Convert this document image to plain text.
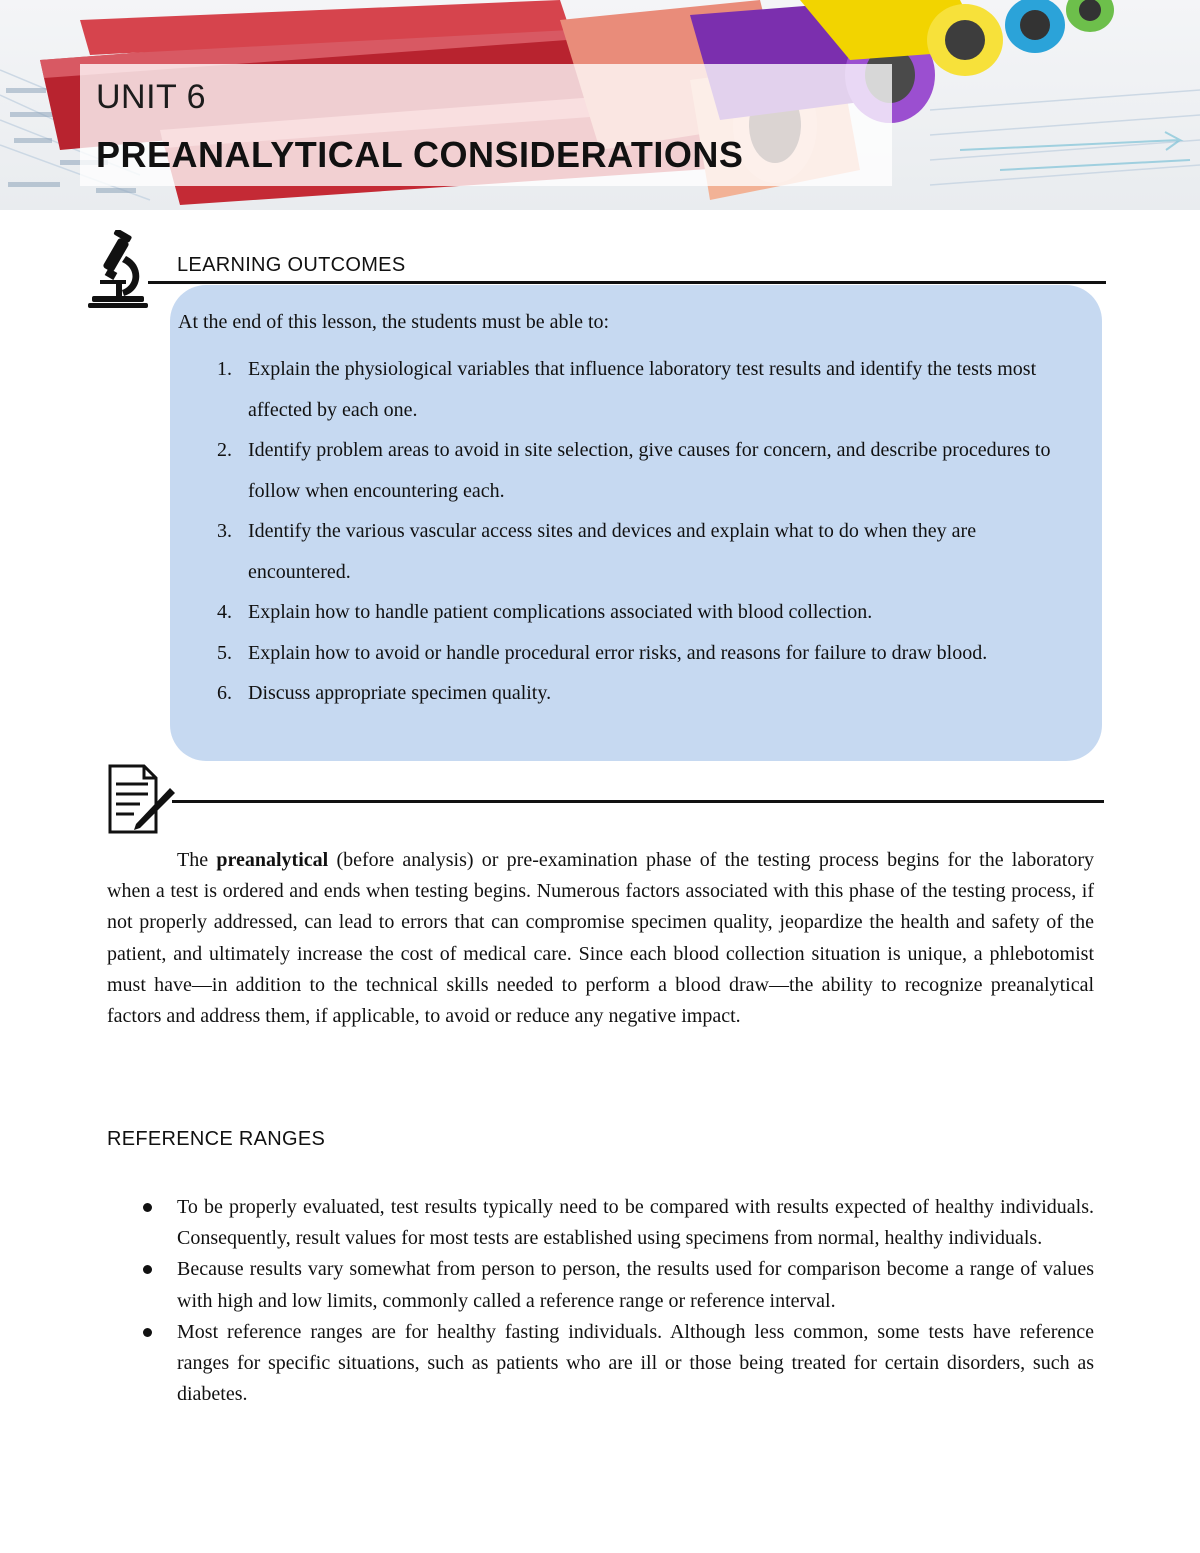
UNIT 6
PREANALYTICAL CONSIDERATIONS
LEARNING OUTCOMES

At the end of this lesson, the students must be able to:

1. Explain the physiological variables that influence laboratory test results and identify the tests most affected by each one.
2. Identify problem areas to avoid in site selection, give causes for concern, and describe procedures to follow when encountering each.
3. Identify the various vascular access sites and devices and explain what to do when they are encountered.
4. Explain how to handle patient complications associated with blood collection.
5. Explain how to avoid or handle procedural error risks, and reasons for failure to draw blood.
6. Discuss appropriate specimen quality.

The preanalytical (before analysis) or pre-examination phase of the testing process begins for the laboratory when a test is ordered and ends when testing begins. Numerous factors associated with this phase of the testing process, if not properly addressed, can lead to errors that can compromise specimen quality, jeopardize the health and safety of the patient, and ultimately increase the cost of medical care. Since each blood collection situation is unique, a phlebotomist must have—in addition to the technical skills needed to perform a blood draw—the ability to recognize preanalytical factors and address them, if applicable, to avoid or reduce any negative impact.

REFERENCE RANGES
To be properly evaluated, test results typically need to be compared with results expected of healthy individuals. Consequently, result values for most tests are established using specimens from normal, healthy individuals.
Because results vary somewhat from person to person, the results used for comparison become a range of values with high and low limits, commonly called a reference range or reference interval.
Most reference ranges are for healthy fasting individuals. Although less common, some tests have reference ranges for specific situations, such as patients who are ill or those being treated for certain disorders, such as diabetes.
